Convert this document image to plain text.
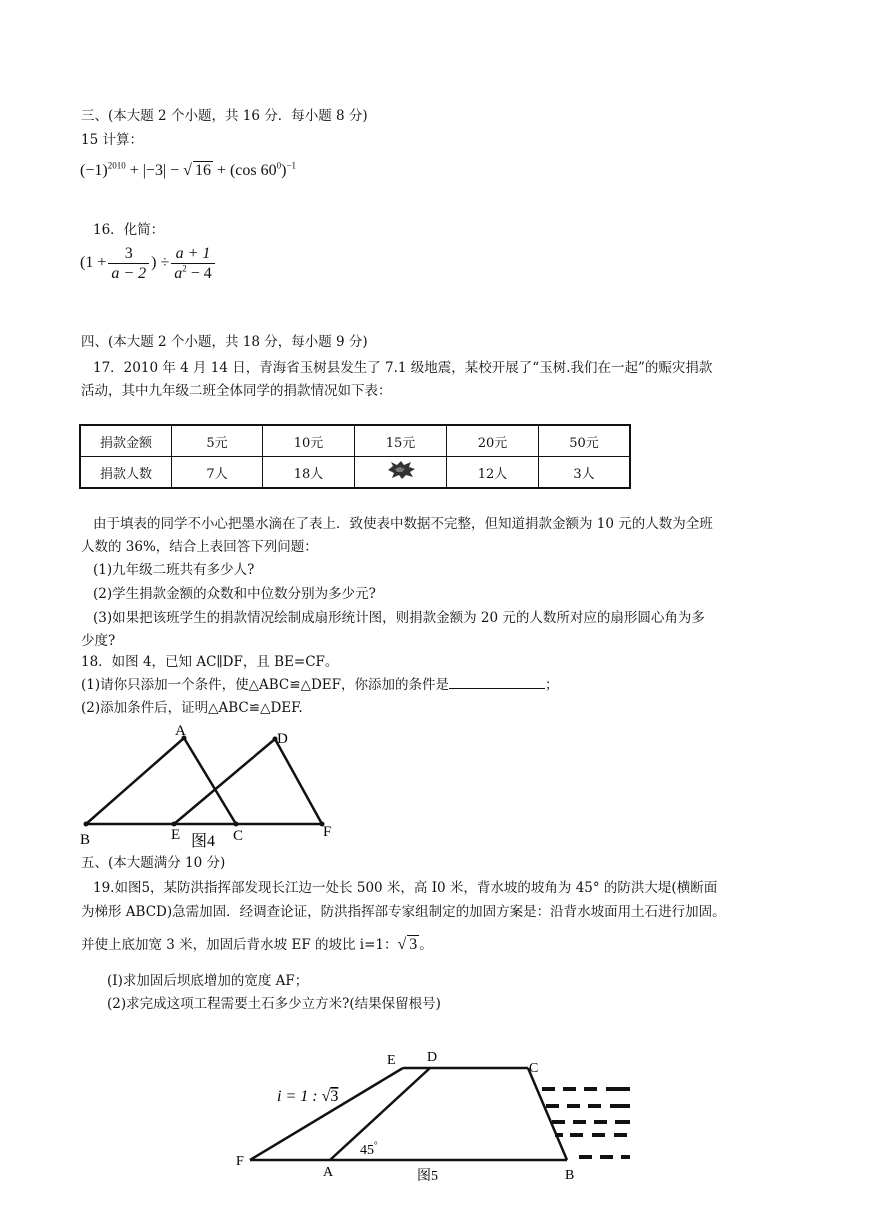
三、(本大题 2 个小题，共 16 分．每小题 8 分)
15 计算：
$(-1)^{2010} + |-3|$ − √ 16 + (cos $60^0)^{-1}$
16．化简：
($1 + \frac{3}{a - 2}$ ) ÷ $\frac{a + 1}{a^2 - 4}$
四、(本大题 2 个小题，共 18 分，每小题 9 分)
17．2010 年 4 月 14 日，青海省玉树县发生了 7.1 级地震，某校开展了“玉树.我们在一起”的赈灾捐款
活动，其中九年级二班全体同学的捐款情况如下表：
捐款金额	5元	10元	15元	20元	50元
捐款人数	7人	18人		12人	3人
由于填表的同学不小心把墨水滴在了表上．致使表中数据不完整，但知道捐款金额为 10 元的人数为全班
人数的 36%，结合上表回答下列问题：
(1)九年级二班共有多少人?
(2)学生捐款金额的众数和中位数分别为多少元?
(3)如果把该班学生的捐款情况绘制成扇形统计图，则捐款金额为 20 元的人数所对应的扇形圆心角为多
少度?
18．如图 4，已知 AC∥DF，且 BE=CF。
(1)请你只添加一个条件，使△ABC≌△DEF，你添加的条件是	；
(2)添加条件后，证明△ABC≌△DEF.
A	D
B	E	C	F
图4
五、(本大题满分 10 分)
19.如图5，某防洪指挥部发现长江边一处长 500 米，高 I0 米，背水坡的坡角为 45° 的防洪大堤(横断面
为梯形 ABCD)急需加固．经调查论证，防洪指挥部专家组制定的加固方案是：沿背水坡面用土石进行加固。
并使上底加宽 3 米，加固后背水坡 EF 的坡比 i=1：√ 3 。
(I)求加固后坝底增加的宽度 AF；
(2)求完成这项工程需要土石多少立方米?(结果保留根号)
E D
C
F
A	B
图5
45°
i = 1 : √3
